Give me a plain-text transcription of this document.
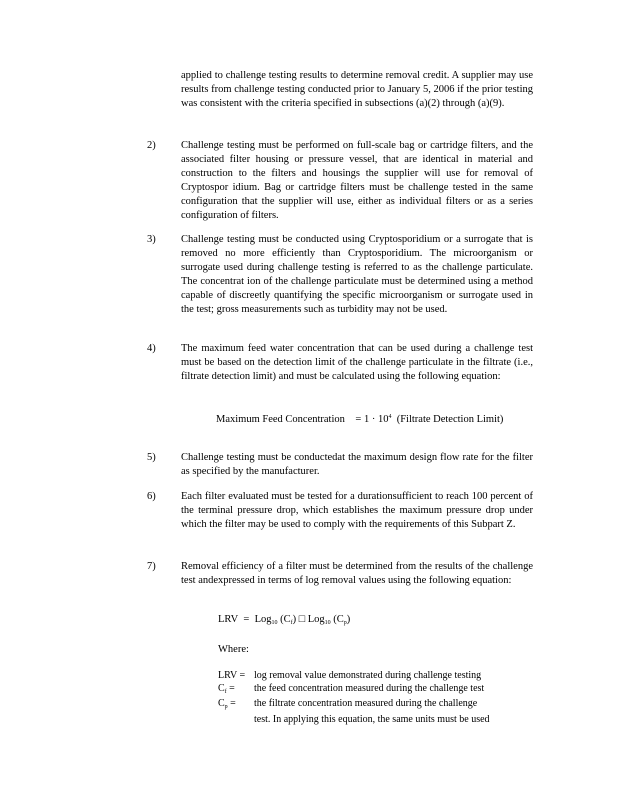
applied to challenge testing results to determine removal credit. A supplier may use results from challenge testing conducted prior to January 5, 2006 if the prior testing was consistent with the criteria specified in subsections (a)(2) through (a)(9).
2) Challenge testing must be performed on full-scale bag or cartridge filters, and the associated filter housing or pressure vessel, that are identical in material and construction to the filters and housings the supplier will use for removal of Cryptospor idium. Bag or cartridge filters must be challenge tested in the same configuration that the supplier will use, either as individual filters or as a series configuration of filters.
3) Challenge testing must be conducted using Cryptosporidium or a surrogate that is removed no more efficiently than Cryptosporidium. The microorganism or surrogate used during challenge testing is referred to as the challenge particulate. The concentrat ion of the challenge particulate must be determined using a method capable of discreetly quantifying the specific microorganism or surrogate used in the test; gross measurements such as turbidity may not be used.
4) The maximum feed water concentration that can be used during a challenge test must be based on the detection limit of the challenge particulate in the filtrate (i.e., filtrate detection limit) and must be calculated using the following equation:
Maximum Feed Concentration = $1 \cdot 10^4$ (Filtrate Detection Limit)
5) Challenge testing must be conductedat the maximum design flow rate for the filter as specified by the manufacturer.
6) Each filter evaluated must be tested for a durationsufficient to reach 100 percent of the terminal pressure drop, which establishes the maximum pressure drop under which the filter may be used to comply with the requirements of this Subpart Z.
7) Removal efficiency of a filter must be determined from the results of the challenge test andexpressed in terms of log removal values using the following equation:
LRV = Log$_{10}$ $(C_f)$ □ Log$_{10}$ $(C_p)$
Where:
LRV = log removal value demonstrated during challenge testing
$C_f$ =	the feed concentration measured during the challenge test
$C_p$ =	the filtrate concentration measured during the challenge
test. In applying this equation, the same units must be used
